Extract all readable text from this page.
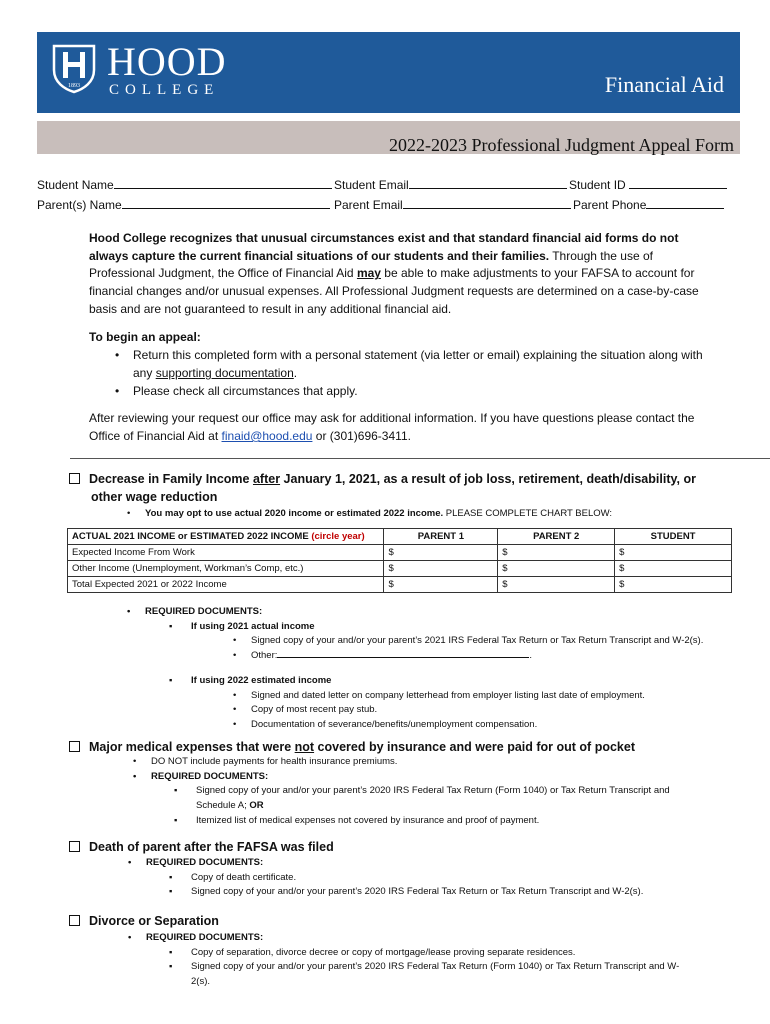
1893
HOOD
COLLEGE	Financial Aid
2022-2023 Professional Judgment Appeal Form
Student Name	Student Email	Student ID
Parent(s) Name	Parent Email	Parent Phone
Hood College recognizes that unusual circumstances exist and that standard financial aid forms do not always capture the current financial situations of our students and their families. Through the use of Professional Judgment, the Office of Financial Aid may be able to make adjustments to your FAFSA to account for financial changes and/or unusual expenses. All Professional Judgment requests are determined on a case-by-case basis and are not guaranteed to result in any additional financial aid.
To begin an appeal:
• Return this completed form with a personal statement (via letter or email) explaining the situation along with any supporting documentation.
• Please check all circumstances that apply.
After reviewing your request our office may ask for additional information. If you have questions please contact the Office of Financial Aid at finaid@hood.edu or (301)696-3411.
Decrease in Family Income after January 1, 2021, as a result of job loss, retirement, death/disability, or other wage reduction
• You may opt to use actual 2020 income or estimated 2022 income. PLEASE COMPLETE CHART BELOW:
ACTUAL 2021 INCOME or ESTIMATED 2022 INCOME (circle year)	PARENT 1	PARENT 2	STUDENT
Expected Income From Work	$	$	$
Other Income (Unemployment, Workman’s Comp, etc.)	$	$	$
Total Expected 2021 or 2022 Income	$	$	$
• REQUIRED DOCUMENTS:
▪ If using 2021 actual income
• Signed copy of your and/or your parent’s 2021 IRS Federal Tax Return or Tax Return Transcript and W-2(s).
• Other:	.
▪ If using 2022 estimated income
• Signed and dated letter on company letterhead from employer listing last date of employment.
• Copy of most recent pay stub.
• Documentation of severance/benefits/unemployment compensation.
Major medical expenses that were not covered by insurance and were paid for out of pocket
• DO NOT include payments for health insurance premiums.
• REQUIRED DOCUMENTS:
▪ Signed copy of your and/or your parent’s 2020 IRS Federal Tax Return (Form 1040) or Tax Return Transcript and Schedule A; OR
▪ Itemized list of medical expenses not covered by insurance and proof of payment.
Death of parent after the FAFSA was filed
• REQUIRED DOCUMENTS:
▪ Copy of death certificate.
▪ Signed copy of your and/or your parent’s 2020 IRS Federal Tax Return or Tax Return Transcript and W-2(s).
Divorce or Separation
• REQUIRED DOCUMENTS:
▪ Copy of separation, divorce decree or copy of mortgage/lease proving separate residences.
▪ Signed copy of your and/or your parent’s 2020 IRS Federal Tax Return (Form 1040) or Tax Return Transcript and W-2(s).
